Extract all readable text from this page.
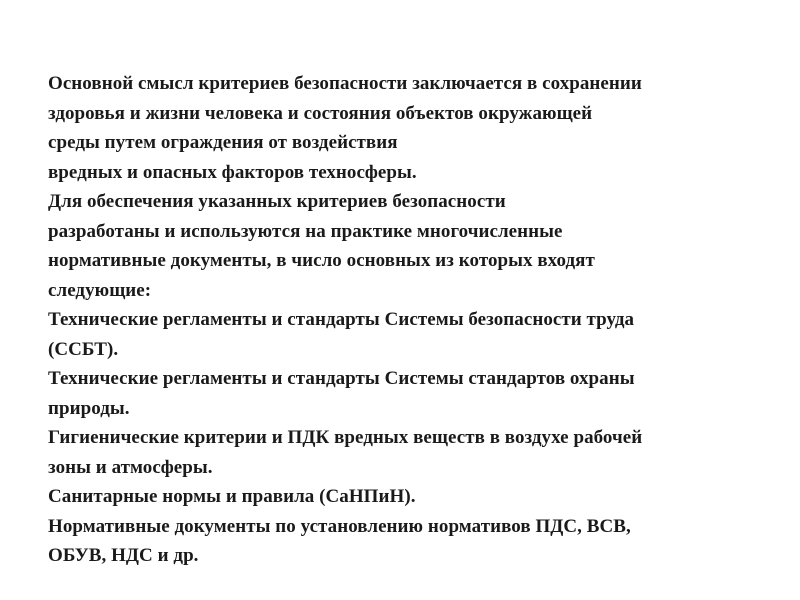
Основной смысл критериев безопасности заключается в сохранении
здоровья и жизни человека и состояния объектов окружающей
среды путем ограждения от воздействия
вредных и опасных факторов техносферы.

Для обеспечения указанных критериев безопасности
разработаны и используются на практике многочисленные
нормативные документы, в число основных из которых входят
следующие:

Технические регламенты и стандарты Системы безопасности труда
(ССБТ).

Технические регламенты и стандарты Системы стандартов охраны
природы.

Гигиенические критерии и ПДК вредных веществ в воздухе рабочей
зоны и атмосферы.

Санитарные нормы и правила (СаНПиН).

Нормативные документы по установлению нормативов ПДС, ВСВ,
ОБУВ, НДС и др.
